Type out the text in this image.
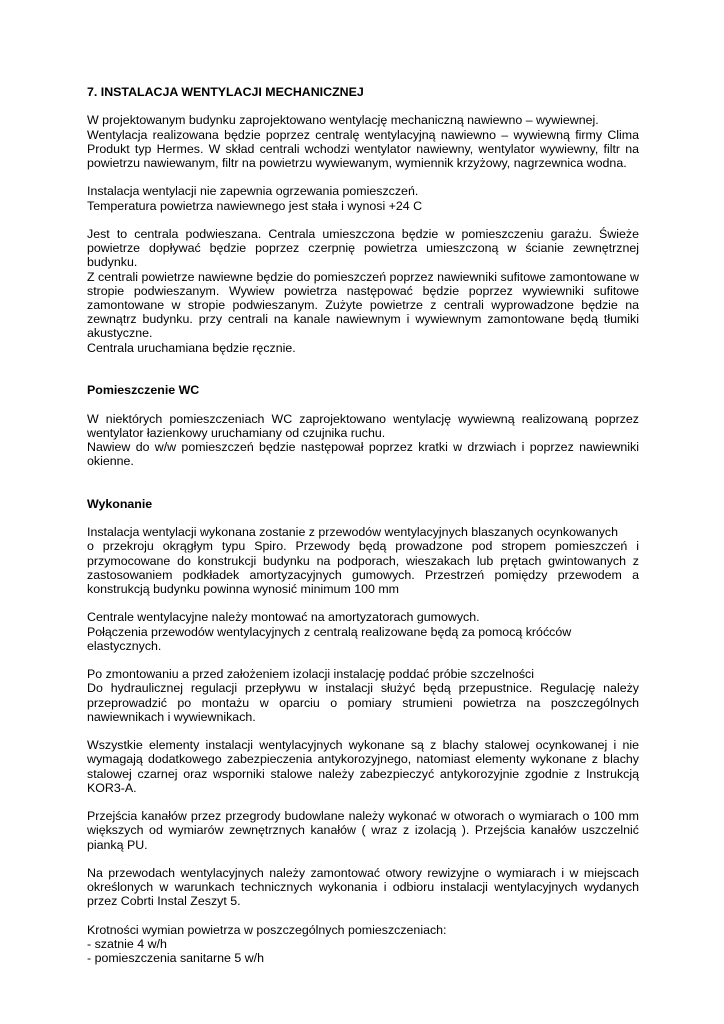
7. INSTALACJA WENTYLACJI MECHANICZNEJ

W projektowanym budynku zaprojektowano wentylację mechaniczną nawiewno – wywiewnej.

Wentylacja realizowana będzie poprzez centralę wentylacyjną nawiewno – wywiewną firmy Clima Produkt typ Hermes. W skład centrali wchodzi wentylator nawiewny, wentylator wywiewny, filtr na powietrzu nawiewanym, filtr na powietrzu wywiewanym, wymiennik krzyżowy, nagrzewnica wodna.

Instalacja wentylacji nie zapewnia ogrzewania pomieszczeń.

Temperatura powietrza nawiewnego jest stała i wynosi +24 C

Jest to centrala podwieszana. Centrala umieszczona będzie w pomieszczeniu garażu. Świeże powietrze dopływać będzie poprzez czerpnię powietrza umieszczoną w ścianie zewnętrznej budynku.

Z centrali powietrze nawiewne będzie do pomieszczeń poprzez nawiewniki sufitowe zamontowane w stropie podwieszanym. Wywiew powietrza następować będzie poprzez wywiewniki sufitowe zamontowane w stropie podwieszanym. Zużyte powietrze z centrali wyprowadzone będzie na zewnątrz budynku. przy centrali na kanale nawiewnym i wywiewnym zamontowane będą tłumiki akustyczne.

Centrala uruchamiana będzie ręcznie.

Pomieszczenie WC

W niektórych pomieszczeniach WC zaprojektowano wentylację wywiewną realizowaną poprzez wentylator łazienkowy uruchamiany od czujnika ruchu.

Nawiew do w/w pomieszczeń będzie następował poprzez kratki w drzwiach i poprzez nawiewniki okienne.

Wykonanie

Instalacja wentylacji wykonana zostanie z przewodów wentylacyjnych blaszanych ocynkowanych

o przekroju okrągłym typu Spiro. Przewody będą prowadzone pod stropem pomieszczeń i przymocowane do konstrukcji budynku na podporach, wieszakach lub prętach gwintowanych z zastosowaniem podkładek amortyzacyjnych gumowych. Przestrzeń pomiędzy przewodem a konstrukcją budynku powinna wynosić minimum 100 mm

Centrale wentylacyjne należy montować na amortyzatorach gumowych.

Połączenia przewodów wentylacyjnych z centralą realizowane będą za pomocą króćców elastycznych.

Po zmontowaniu a przed założeniem izolacji instalację poddać próbie szczelności

Do hydraulicznej regulacji przepływu w instalacji służyć będą przepustnice. Regulację należy przeprowadzić po montażu w oparciu o pomiary strumieni powietrza na poszczególnych nawiewnikach i wywiewnikach.

Wszystkie elementy instalacji wentylacyjnych wykonane są z blachy stalowej ocynkowanej i nie wymagają dodatkowego zabezpieczenia antykorozyjnego, natomiast elementy wykonane z blachy stalowej czarnej oraz wsporniki stalowe należy zabezpieczyć antykorozyjnie zgodnie z Instrukcją KOR3-A.

Przejścia kanałów przez przegrody budowlane należy wykonać w otworach o wymiarach o 100 mm większych od wymiarów zewnętrznych kanałów ( wraz z izolacją ). Przejścia kanałów uszczelnić pianką PU.

Na przewodach wentylacyjnych należy zamontować otwory rewizyjne o wymiarach i w miejscach określonych w warunkach technicznych wykonania i odbioru instalacji wentylacyjnych wydanych przez Cobrti Instal Zeszyt 5.

Krotności wymian powietrza w poszczególnych pomieszczeniach:

- szatnie 4 w/h

- pomieszczenia sanitarne 5 w/h
